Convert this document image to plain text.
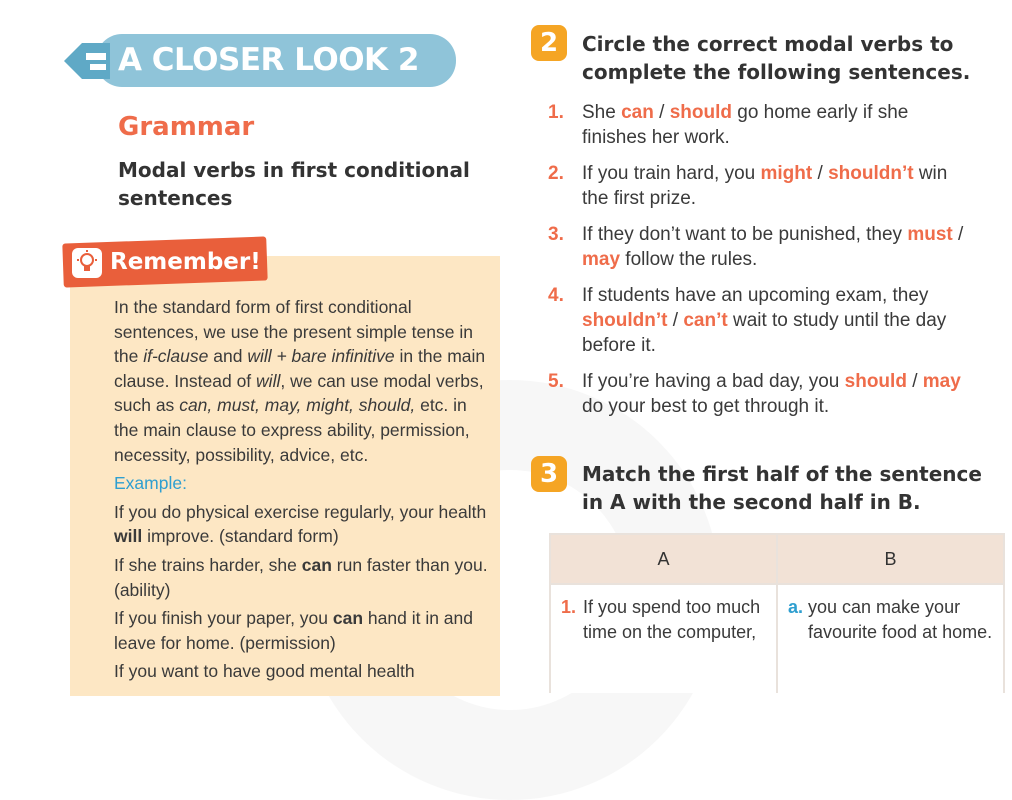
A CLOSER LOOK 2
Grammar
Modal verbs in first conditional sentences
Remember!

In the standard form of first conditional sentences, we use the present simple tense in the if-clause and will + bare infinitive in the main clause. Instead of will, we can use modal verbs, such as can, must, may, might, should, etc. in the main clause to express ability, permission, necessity, possibility, advice, etc.

Example:

If you do physical exercise regularly, your health will improve. (standard form)

If she trains harder, she can run faster than you. (ability)

If you finish your paper, you can hand it in and leave for home. (permission)

If you want to have good mental health

2	Circle the correct modal verbs to complete the following sentences.
1. She can / should go home early if she finishes her work.
2. If you train hard, you might / shouldn’t win the first prize.
3. If they don’t want to be punished, they must / may follow the rules.
4. If students have an upcoming exam, they shouldn’t / can’t wait to study until the day before it.
5. If you’re having a bad day, you should / may do your best to get through it.
3	Match the first half of the sentence in A with the second half in B.
A	B

1. If you spend too much time on the computer,	a. you can make your favourite food at home.
